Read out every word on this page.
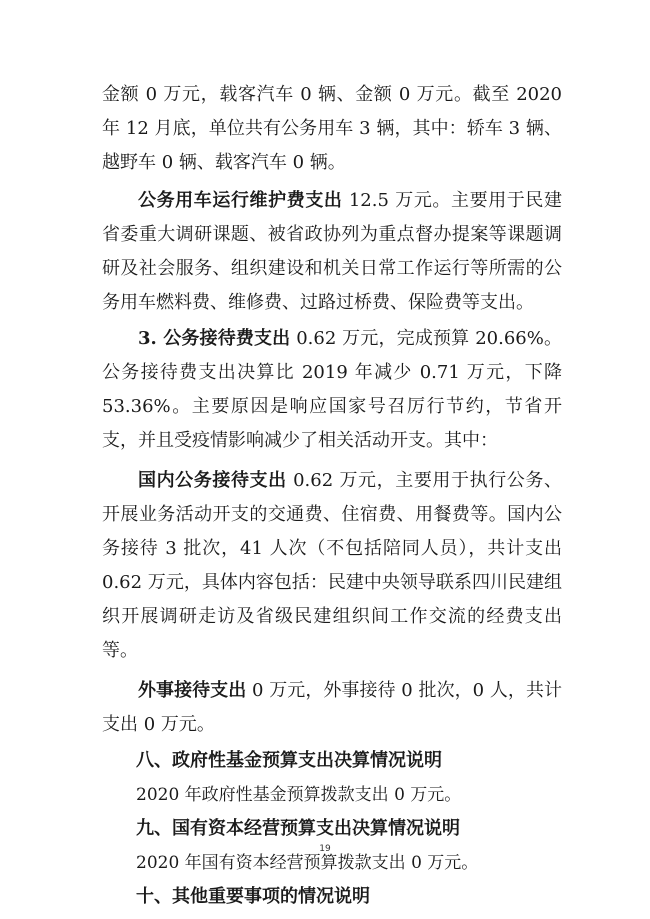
金额 0 万元，载客汽车 0 辆、金额 0 万元。截至 2020 年 12 月底，单位共有公务用车 3 辆，其中：轿车 3 辆、越野车 0 辆、载客汽车 0 辆。

公务用车运行维护费支出 12.5 万元。主要用于民建省委重大调研课题、被省政协列为重点督办提案等课题调研及社会服务、组织建设和机关日常工作运行等所需的公务用车燃料费、维修费、过路过桥费、保险费等支出。

3. 公务接待费支出 0.62 万元，完成预算 20.66%。公务接待费支出决算比 2019 年减少 0.71 万元，下降 53.36%。主要原因是响应国家号召厉行节约，节省开支，并且受疫情影响减少了相关活动开支。其中：

国内公务接待支出 0.62 万元，主要用于执行公务、开展业务活动开支的交通费、住宿费、用餐费等。国内公务接待 3 批次，41 人次（不包括陪同人员），共计支出 0.62 万元，具体内容包括：民建中央领导联系四川民建组织开展调研走访及省级民建组织间工作交流的经费支出等。

外事接待支出 0 万元，外事接待 0 批次，0 人，共计支出 0 万元。

八、政府性基金预算支出决算情况说明

2020 年政府性基金预算拨款支出 0 万元。

九、国有资本经营预算支出决算情况说明

2020 年国有资本经营预算拨款支出 0 万元。

十、其他重要事项的情况说明

19
